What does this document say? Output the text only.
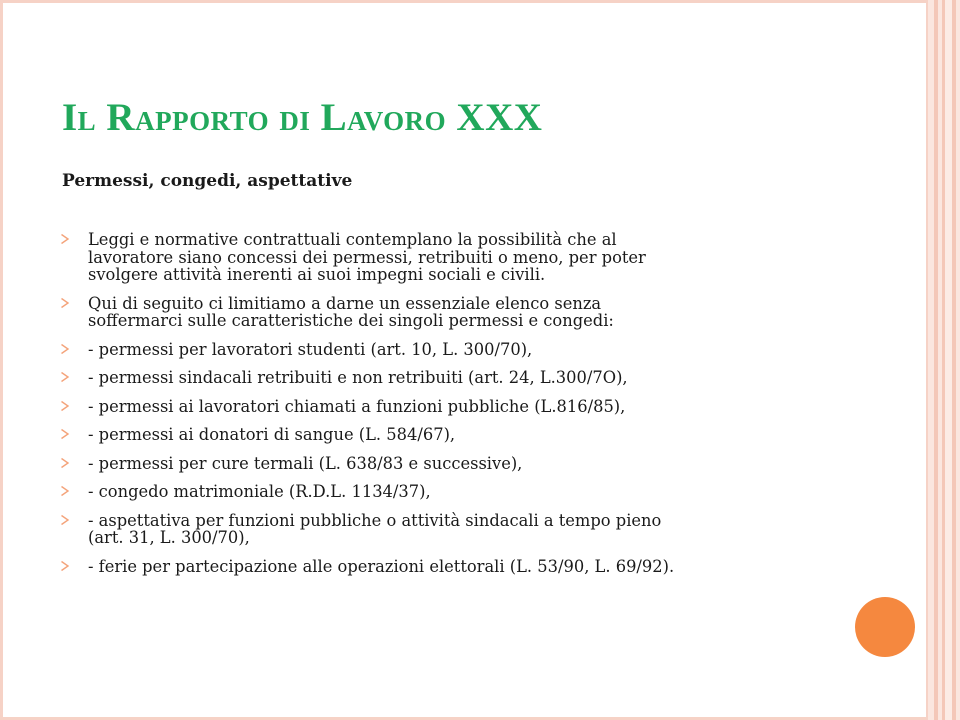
Il Rapporto di Lavoro XXX
Permessi, congedi, aspettative
Leggi e normative contrattuali contemplano la possibilità che al
lavoratore siano concessi dei permessi, retribuiti o meno, per poter
svolgere attività inerenti ai suoi impegni sociali e civili.
Qui di seguito ci limitiamo a darne un essenziale elenco senza
soffermarci sulle caratteristiche dei singoli permessi e congedi:
- permessi per lavoratori studenti (art. 10, L. 300/70),
- permessi sindacali retribuiti e non retribuiti (art. 24, L.300/7O),
- permessi ai lavoratori chiamati a funzioni pubbliche (L.816/85),
- permessi ai donatori di sangue (L. 584/67),
- permessi per cure termali (L. 638/83 e successive),
- congedo matrimoniale (R.D.L. 1134/37),
- aspettativa per funzioni pubbliche o attività sindacali a tempo pieno
(art. 31, L. 300/70),
- ferie per partecipazione alle operazioni elettorali (L. 53/90, L. 69/92).
